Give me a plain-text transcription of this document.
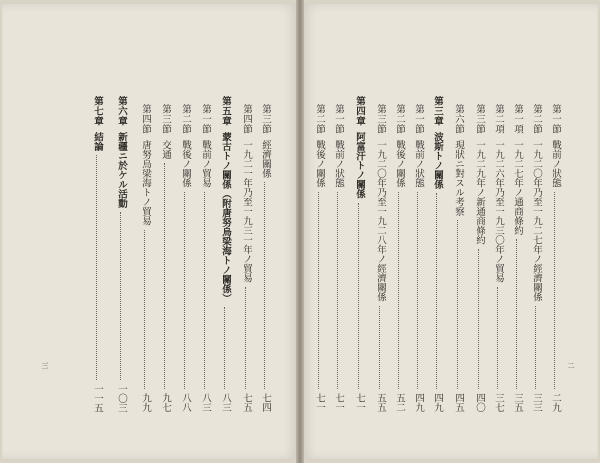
第三節
經濟關係
七四
第四節
一九二一年乃至一九三一年ノ貿易
七五
第五章
蒙古トノ關係（附唐努烏梁海トノ關係）
八三
第一節
戰前ノ貿易
八三
第二節
戰後ノ關係
八八
第三節
交通
九七
第四節
唐努烏梁海トノ貿易
九九
第六章
新疆ニ於ケル活動
一〇三
第七章
結論
一一五
第一節
戰前ノ狀態
二九
第二節
一九二〇年乃至一九二七年ノ經濟關係
三三
第一項
一九二七年ノ通商條約
三五
第二項
一九二六年乃至一九三〇年ノ貿易
三七
第三節
一九二九年ノ新通商條約
四〇
第六節
現狀ニ對スル考察
四五
第三章
波斯トノ關係
四九
第一節
戰前ノ狀態
四九
第二節
戰後ノ關係
五二
第三節
一九二〇年乃至一九二八年ノ經濟關係
五五
第四章
阿富汗トノ關係
七一
第一節
戰前ノ狀態
七一
第二節
戰後ノ關係
七一
三	二
